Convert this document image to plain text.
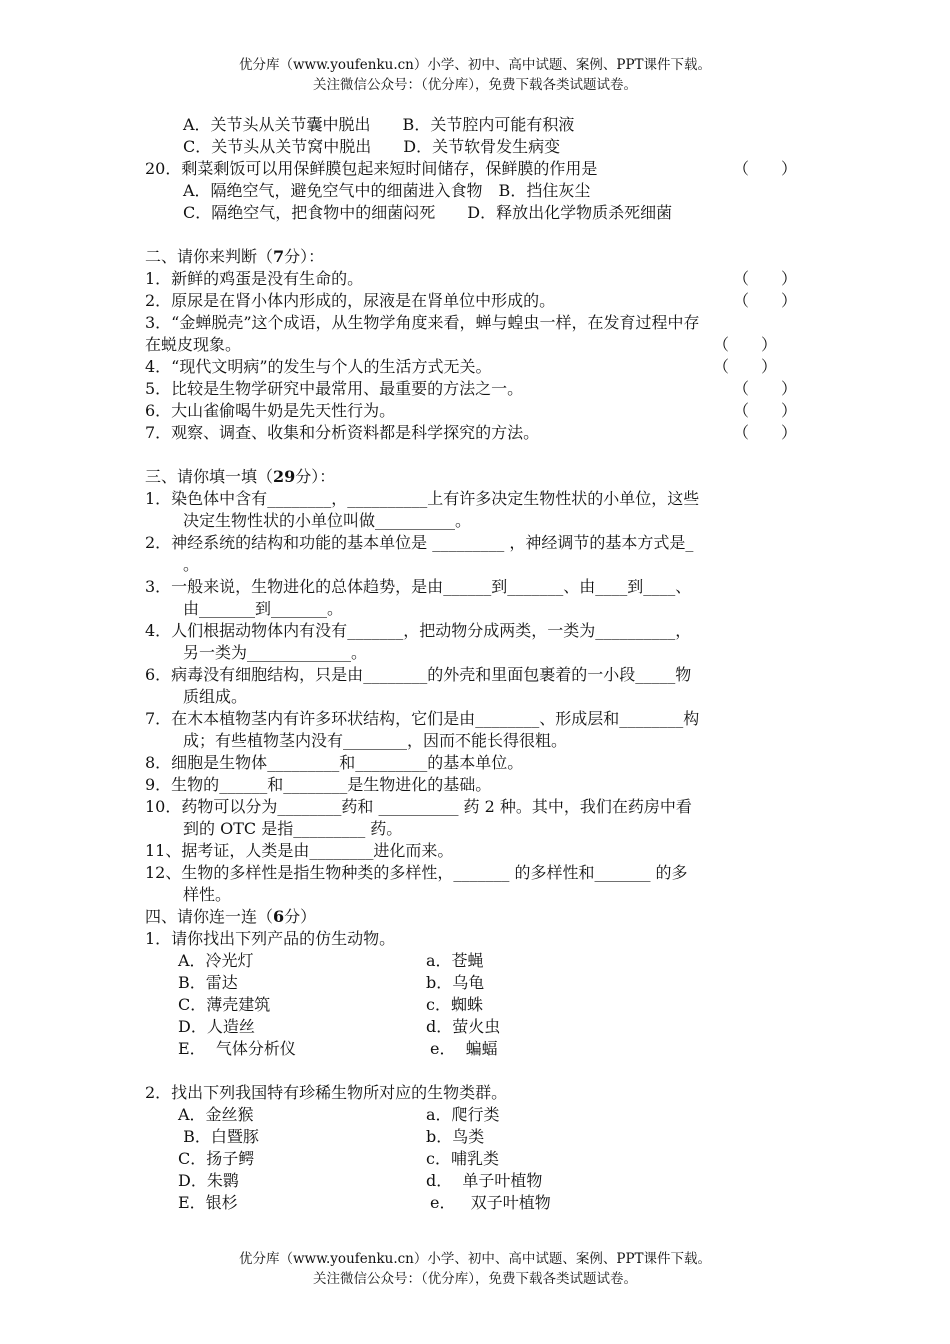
优分库（www.youfenku.cn）小学、初中、高中试题、案例、PPT课件下载。
关注微信公众号：（优分库），免费下载各类试题试卷。
A．关节头从关节囊中脱出　　B．关节腔内可能有积液
C．关节头从关节窝中脱出　　D．关节软骨发生病变
20．剩菜剩饭可以用保鲜膜包起来短时间储存，保鲜膜的作用是	（　　）
A．隔绝空气，避免空气中的细菌进入食物　B．挡住灰尘
C．隔绝空气，把食物中的细菌闷死　　D．释放出化学物质杀死细菌
二、请你来判断（7分）：
1．新鲜的鸡蛋是没有生命的。	（　　）
2．原尿是在肾小体内形成的，尿液是在肾单位中形成的。	（　　）
3．“金蝉脱壳”这个成语，从生物学角度来看，蝉与蝗虫一样，在发育过程中存
在蜕皮现象。	（　　）
4．“现代文明病”的发生与个人的生活方式无关。	（　　）
5．比较是生物学研究中最常用、最重要的方法之一。	（　　）
6．大山雀偷喝牛奶是先天性行为。	（　　）
7．观察、调查、收集和分析资料都是科学探究的方法。	（　　）
三、请你填一填（29分）：
1．染色体中含有________，__________上有许多决定生物性状的小单位，这些
决定生物性状的小单位叫做__________。
2．神经系统的结构和功能的基本单位是 _________ ，神经调节的基本方式是_
。
3．一般来说，生物进化的总体趋势，是由______到_______、由____到____、
由_______到_______。
4．人们根据动物体内有没有_______，把动物分成两类，一类为__________，
另一类为_____________。
6．病毒没有细胞结构，只是由________的外壳和里面包裹着的一小段_____物
质组成。
7．在木本植物茎内有许多环状结构，它们是由________、形成层和________构
成；有些植物茎内没有________，因而不能长得很粗。
8．细胞是生物体_________和_________的基本单位。
9．生物的______和________是生物进化的基础。
10．药物可以分为________药和 __________ 药 2 种。其中，我们在药房中看
到的 OTC 是指_________ 药。
11、据考证，人类是由________进化而来。
12、生物的多样性是指生物种类的多样性，_______ 的多样性和_______ 的多
样性。
四、请你连一连（6分）
1．请你找出下列产品的仿生动物。
A．冷光灯	a．苍蝇
B．雷达	b．乌龟
C．薄壳建筑	c．蜘蛛
D．人造丝	d．萤火虫
E．  气体分析仪	e．  蝙蝠
2．找出下列我国特有珍稀生物所对应的生物类群。
A．金丝猴	a．爬行类
B．白暨豚	b．鸟类
C．扬子鳄	c．哺乳类
D．朱鹮	d．  单子叶植物
E．银杉	e．   双子叶植物
优分库（www.youfenku.cn）小学、初中、高中试题、案例、PPT课件下载。
关注微信公众号：（优分库），免费下载各类试题试卷。
